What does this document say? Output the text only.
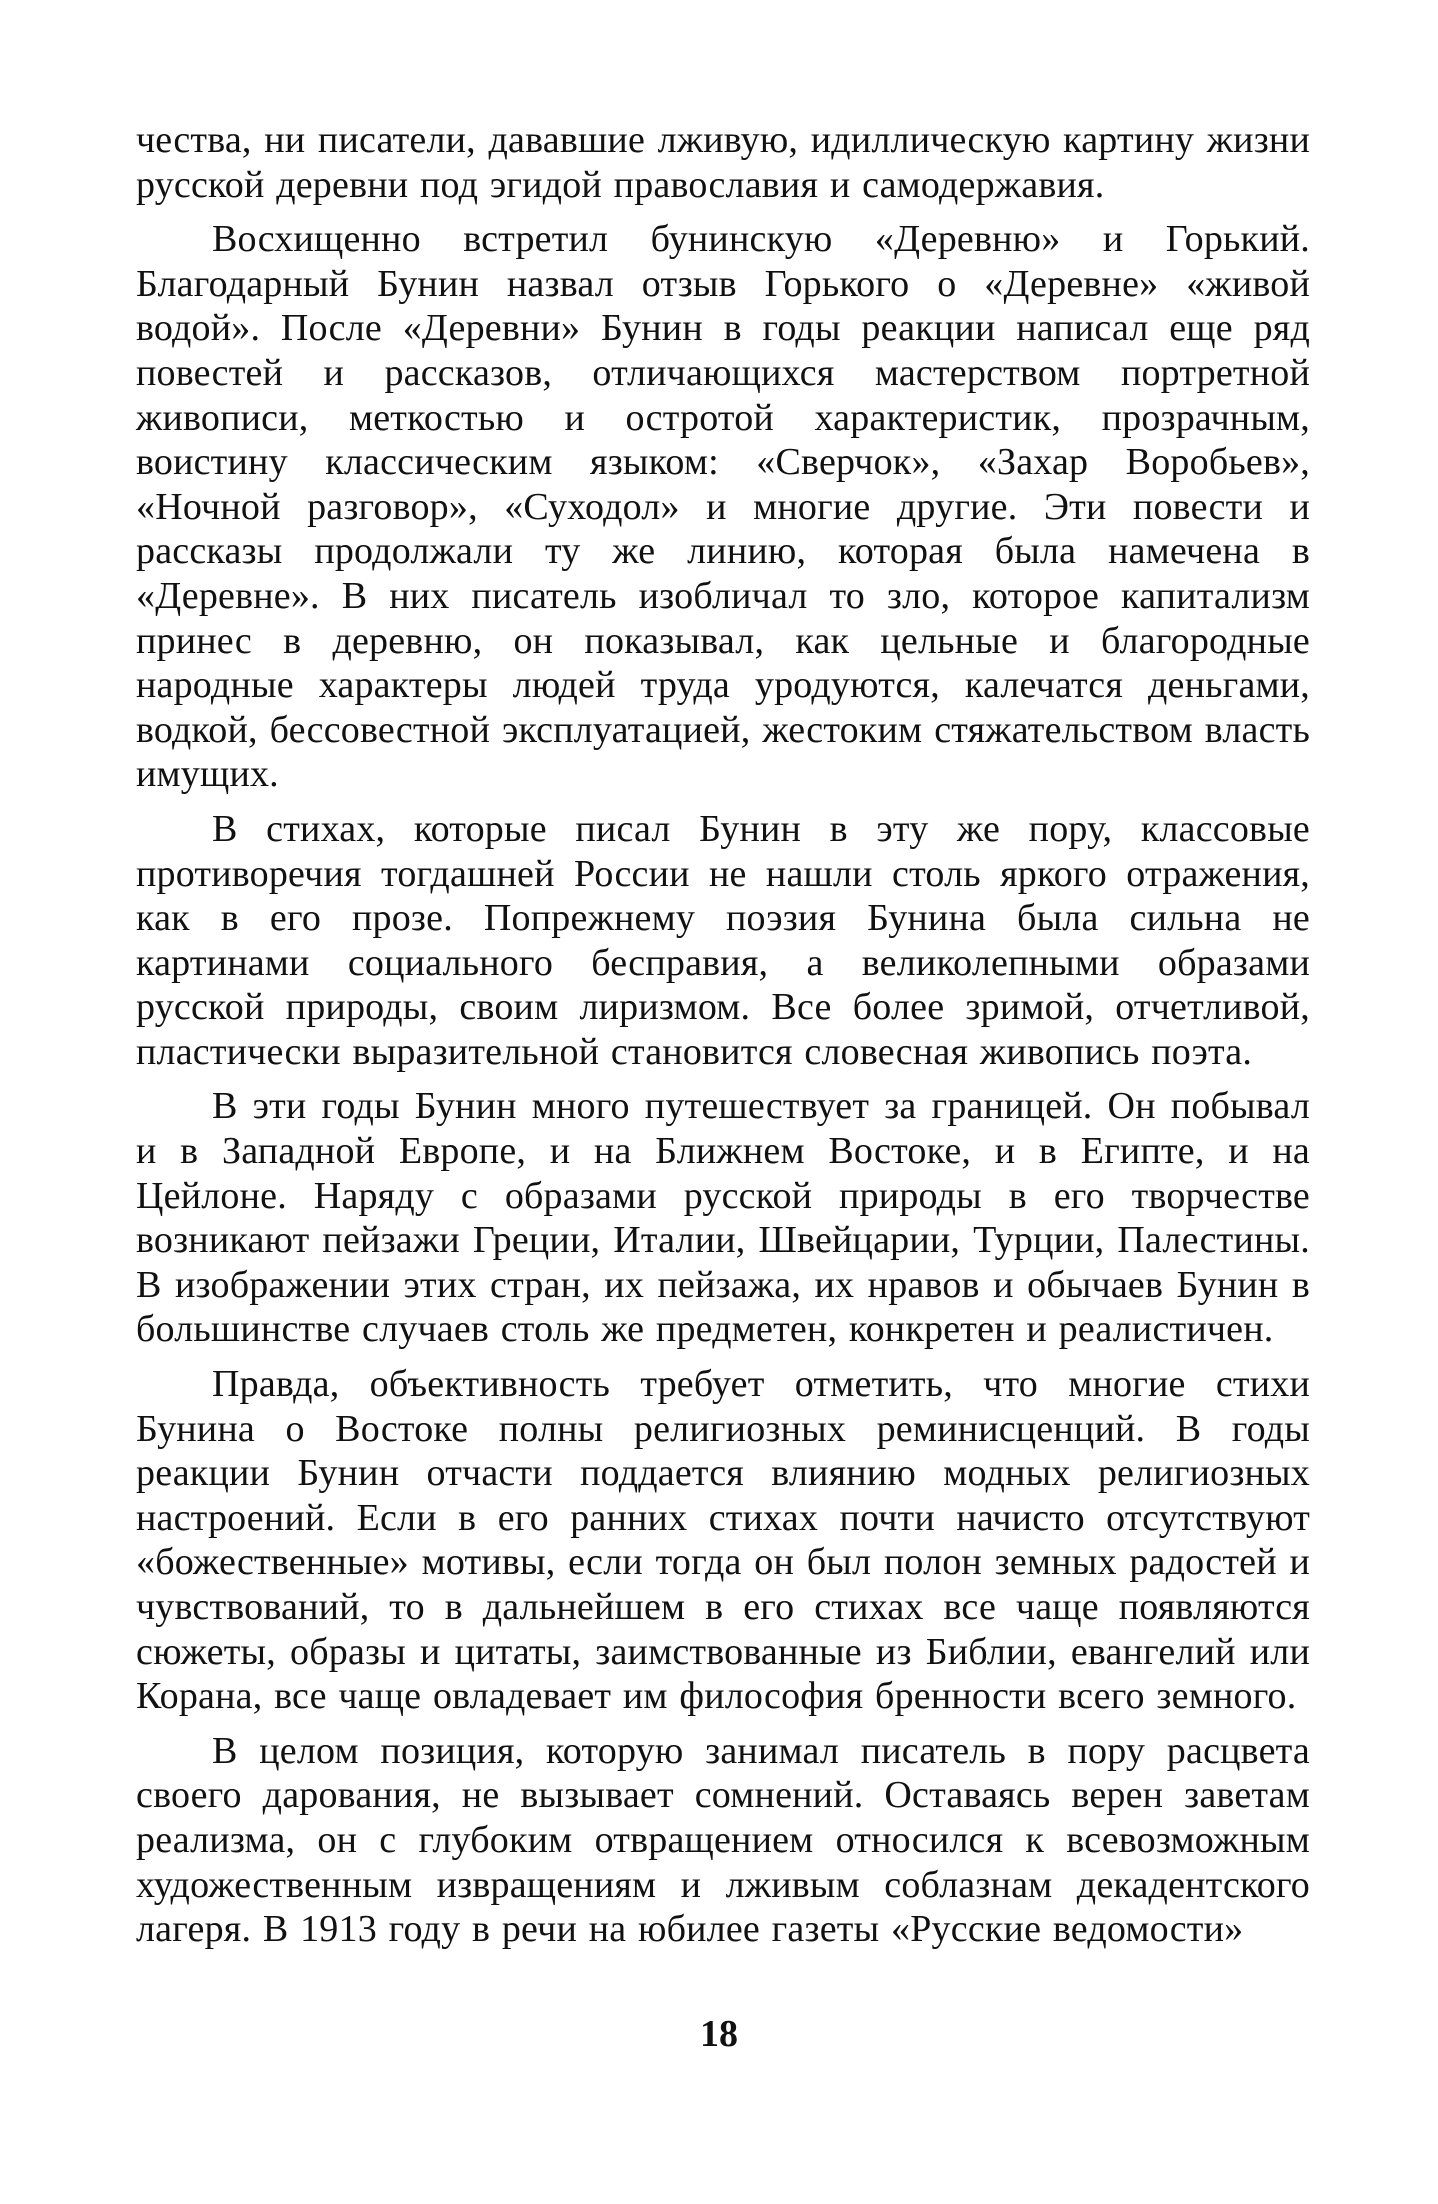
чества, ни писатели, дававшие лживую, идиллическую картину жизни русской деревни под эгидой православия и самодержавия.

Восхищенно встретил бунинскую «Деревню» и Горький. Благодарный Бунин назвал отзыв Горького о «Деревне» «живой водой». После «Деревни» Бунин в годы реакции написал еще ряд повестей и рассказов, отличающихся мастерством портретной живописи, меткостью и остротой характеристик, прозрачным, воистину классическим языком: «Сверчок», «Захар Воробьев», «Ночной разговор», «Суходол» и многие другие. Эти повести и рассказы продолжали ту же линию, которая была намечена в «Деревне». В них писатель изобличал то зло, которое капитализм принес в деревню, он показывал, как цельные и благородные народные характеры людей труда уродуются, калечатся деньгами, водкой, бессовестной эксплуатацией, жестоким стяжательством власть имущих.

В стихах, которые писал Бунин в эту же пору, классовые противоречия тогдашней России не нашли столь яркого отражения, как в его прозе. Попрежнему поэзия Бунина была сильна не картинами социального бесправия, а великолепными образами русской природы, своим лиризмом. Все более зримой, отчетливой, пластически выразительной становится словесная живопись поэта.

В эти годы Бунин много путешествует за границей. Он побывал и в Западной Европе, и на Ближнем Востоке, и в Египте, и на Цейлоне. Наряду с образами русской природы в его творчестве возникают пейзажи Греции, Италии, Швейцарии, Турции, Палестины. В изображении этих стран, их пейзажа, их нравов и обычаев Бунин в большинстве случаев столь же предметен, конкретен и реалистичен.

Правда, объективность требует отметить, что многие стихи Бунина о Востоке полны религиозных реминисценций. В годы реакции Бунин отчасти поддается влиянию модных религиозных настроений. Если в его ранних стихах почти начисто отсутствуют «божественные» мотивы, если тогда он был полон земных радостей и чувствований, то в дальнейшем в его стихах все чаще появляются сюжеты, образы и цитаты, заимствованные из Библии, евангелий или Корана, все чаще овладевает им философия бренности всего земного.

В целом позиция, которую занимал писатель в пору расцвета своего дарования, не вызывает сомнений. Оставаясь верен заветам реализма, он с глубоким отвращением относился к всевозможным художественным извращениям и лживым соблазнам декадентского лагеря. В 1913 году в речи на юбилее газеты «Русские ведомости»

18
